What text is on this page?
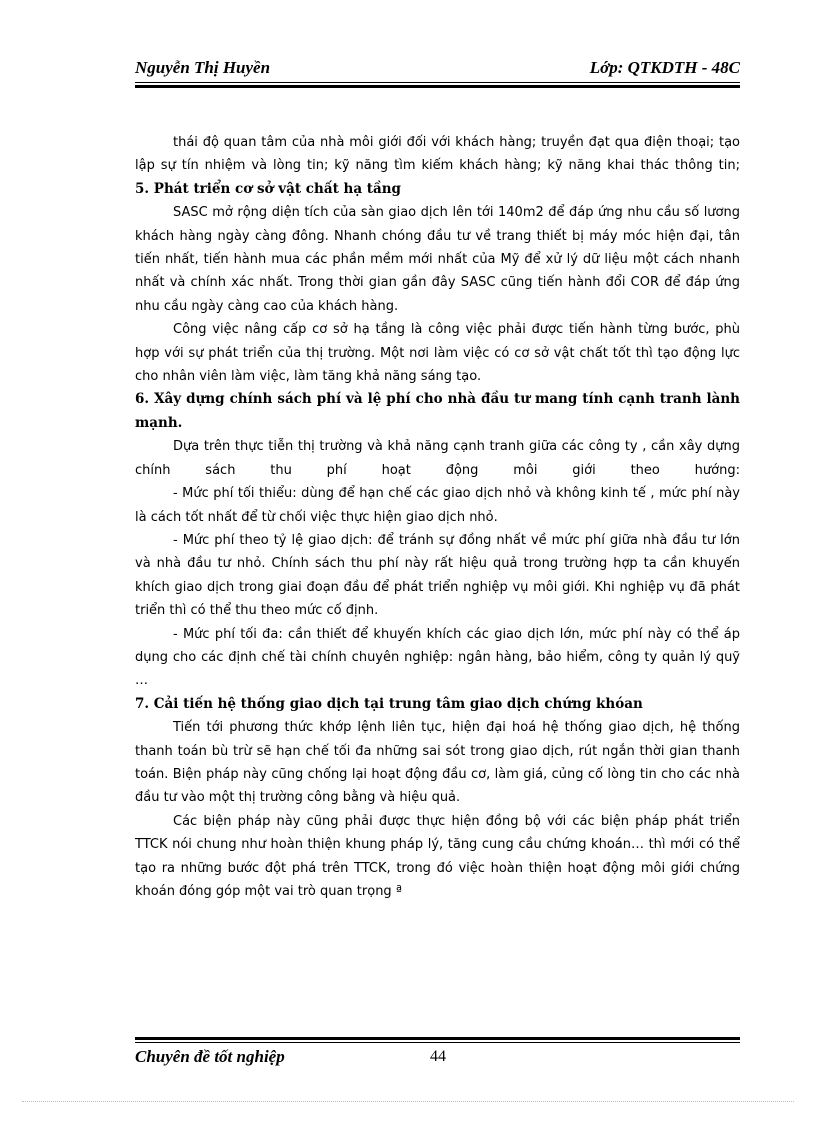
Nguyễn Thị Huyền	Lớp: QTKDTH - 48C

thái độ quan tâm của nhà môi giới đối với khách hàng; truyền đạt qua điện thoại; tạo lập sự tín nhiệm và lòng tin; kỹ năng tìm kiếm khách hàng; kỹ năng khai thác thông tin;

5. Phát triển cơ sở vật chất hạ tầng

SASC mở rộng diện tích của sàn giao dịch lên tới 140m2 để đáp ứng nhu cầu số lương khách hàng ngày càng đông. Nhanh chóng đầu tư về trang thiết bị máy móc hiện đại, tân tiến nhất, tiến hành mua các phần mềm mới nhất của Mỹ để xử lý dữ liệu một cách nhanh nhất và chính xác nhất. Trong thời gian gần đây SASC cũng tiến hành đổi COR để đáp ứng nhu cầu ngày càng cao của khách hàng.

Công việc nâng cấp cơ sở hạ tầng là công việc phải được tiến hành từng bước, phù hợp với sự phát triển của thị trường. Một nơi làm việc có cơ sở vật chất tốt thì tạo động lực cho nhân viên làm việc, làm tăng khả năng sáng tạo.

6. Xây dựng chính sách phí và lệ phí cho nhà đầu tư mang tính cạnh tranh lành mạnh.

Dựa trên thực tiễn thị trường và khả năng cạnh tranh giữa các công ty , cần xây dựng chính sách thu phí hoạt động môi giới theo hướng:

- Mức phí tối thiểu: dùng để hạn chế các giao dịch nhỏ và không kinh tế , mức phí này là cách tốt nhất để từ chối việc thực hiện giao dịch nhỏ.

- Mức phí theo tỷ lệ giao dịch: để tránh sự đồng nhất về mức phí giữa nhà đầu tư lớn và nhà đầu tư nhỏ. Chính sách thu phí này rất hiệu quả trong trường hợp ta cần khuyến khích giao dịch trong giai đoạn đầu để phát triển nghiệp vụ môi giới. Khi nghiệp vụ đã phát triển thì có thể thu theo mức cố định.

- Mức phí tối đa: cần thiết để khuyến khích các giao dịch lớn, mức phí này có thể áp dụng cho các định chế tài chính chuyên nghiệp: ngân hàng, bảo hiểm, công ty quản lý quỹ …

7. Cải tiến hệ thống giao dịch tại trung tâm giao dịch chứng khóan

Tiến tới phương thức khớp lệnh liên tục, hiện đại hoá hệ thống giao dịch, hệ thống thanh toán bù trừ sẽ hạn chế tối đa những sai sót trong giao dịch, rút ngắn thời gian thanh toán. Biện pháp này cũng chống lại hoạt động đầu cơ, làm giá, củng cố lòng tin cho các nhà đầu tư vào một thị trường công bằng và hiệu quả.

Các biện pháp này cũng phải được thực hiện đồng bộ với các biện pháp phát triển TTCK nói chung như hoàn thiện khung pháp lý, tăng cung cầu chứng khoán… thì mới có thể tạo ra những bước đột phá trên TTCK, trong đó việc hoàn thiện hoạt động môi giới chứng khoán đóng góp một vai trò quan trọng ª

Chuyên đề tốt nghiệp	44
